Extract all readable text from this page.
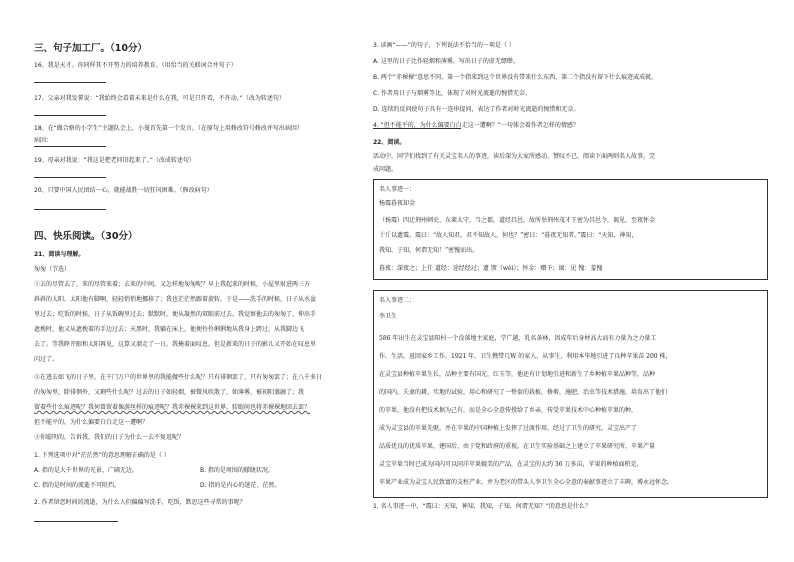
三、句子加工厂。（10分）
16、我是天才。你同样其不开努力的培养教育。（用恰当的关联词合并句子）
17、父亲对我发誓说：“我始终会看着未来是什么在我，可是只许看，不许动。”（改为转述句）
18、在“做合格的小学生”主题队会上，小曼首先第一个发言。（在原句上用修改符号修改并写出病因）
病因：
19、母亲对我说：“我这是把老同旧起来了。”（改成转述句）
20、只要中国人民团结一心，就能战胜一切狂风困难。（修改病句）
四、快乐阅读。（30分）
21、阅读与理解。
匆匆（节选）
①去的尽管去了，来的尽管来着；去来的中间，又怎样地匆匆呢？早上我起来的时候，小屋里射进两三方
斜斜的太阳。太阳他有脚啊，轻轻悄悄地挪移了；我也茫茫然跟着旋转。于是——洗手的时候，日子从水盆
里过去；吃饭的时候，日子从饭碗里过去；默默时，便从凝然的双眼前过去。我觉察他去的匆匆了，伸出手
遮挽时，他又从遮挽着的手边过去；天黑时，我躺在床上，他便伶伶俐俐地从我身上跨过，从我脚边飞
去了。等我睁开眼和太阳再见，这算又溜走了一日。我掩着面叹息。但是新来的日子的影儿又开始在叹息里
闪过了。
②在逃去如飞的日子里，在千门万户的世界里的我能做些什么呢？只有徘徊罢了，只有匆匆罢了；在八千多日
的匆匆里，除徘徊外，又剩些什么呢？过去的日子如轻烟，被微风吹散了，如薄雾，被初阳蒸融了；我
留着些什么痕迹呢？我何曾留着像游丝样的痕迹呢？我赤裸裸来到这世界，转眼间也将赤裸裸地回去罢？
但不能平的，为什么偏要白白走这一遭啊？
③你聪明的，告诉我，我们的日子为什么一去不复返呢？
1. 下列选项中对“茫茫然”的意思理解正确的是（ ）
A. 指的是大千世界的光景、广阔无边。	B. 指的是周围的朦胧状况。
C. 指的是时间的流逝不可阻挡。	D. 指的是内心的迷茫、茫然。
2. 作者留恋时间的流逝，为什么人们偏偏写洗手，吃饭，默思这些寻常的事呢？
3. 读画“——”的句子，下列说法不恰当的一项是（ ）
A. 这里的日子比作轻烟和薄雾，写出日子的虚无缥缈。
B. 两个“赤裸裸”意思不同，第一个指来到这个世界没有带来什么东西，第二个指没有留下什么痕迹或成就。
C. 作者用日子与烟雾等比，体现了对时光流逝的惋惜无奈。
D. 连续的反问使句子具有一连串提问，表达了作者对时光流逝的惋惜和无奈。
4. “但不能平的，为什么偏要白白走这一遭啊？”一句体会着作者怎样的情感？
22、阅读。
活动中，同学们找到了有关灵宝名人的事迹，读后深为大家所感动、赞叹不已，阅读下面两则名人故事，完
成问题。
名人事迹一：
杨震暮夜却金
（杨震）四迁荆州刺史、东莱太守，当之郡，道经昌邑，故所举荆州茂才王密为昌邑令，谒见，至夜怀金
十斤以遗震。震曰：“故人知君，君不知故人，何也？”密曰：“暮夜无知者。”震曰：“天知，神知，
我知，子知，何谓无知！”密愧而出。
暮夜：深夜之；上任 道经：途经经过；遗 馈（wèi）；怀金：赠予；谒：见 愧：羞愧
名人事迹二：
李卫生
586 年出生在灵宝县阳村一个没落地主家庭，学广越，乳名条林，因成年后身材高大而有力量为之力量工
作，生活，返回家乡工作。1921 年，卫生携带几W 的家人，从事生，利用本毕地引进了良种苹果苗 200 株，
在灵宝县种植苹果生长，品种主要有国光，红玉等，他还有计划地引进和新生了乡种植苹果品种等，品种
的国内，夫妻的耕，实地的试验，用心和研究了一整套的栽植，修剪，施肥，治虫等技术措施，培育出了他们
的苹果，他没有把技术据为己有，而是全心全意传授给了乡亲，传受苹果技术中心种植苹果的种，
成为灵宝县的苹果先驱，并在苹果的中国种植上发挥了过渡作用，经过了卫生的研究，灵宝出产了
品质优良的优质苹果，建国后，由于党和政府的重视，在卫生实验基础之上建立了苹果研究所，苹果产量
灵宝苹果当时已成为国内可以同洋苹果媲美的产品，在灵宝的大约 36 万多亩，苹果的种植面积是，
苹果产业成为灵宝人民致富的支柱产业，并为老区的带头人李卫生全心全意的奉献事迹立了丰碑，博永远怀念。
1. 名人事迹一中，“震曰：天知，神知，我知，子知，何谓无知？”的意思是什么？
